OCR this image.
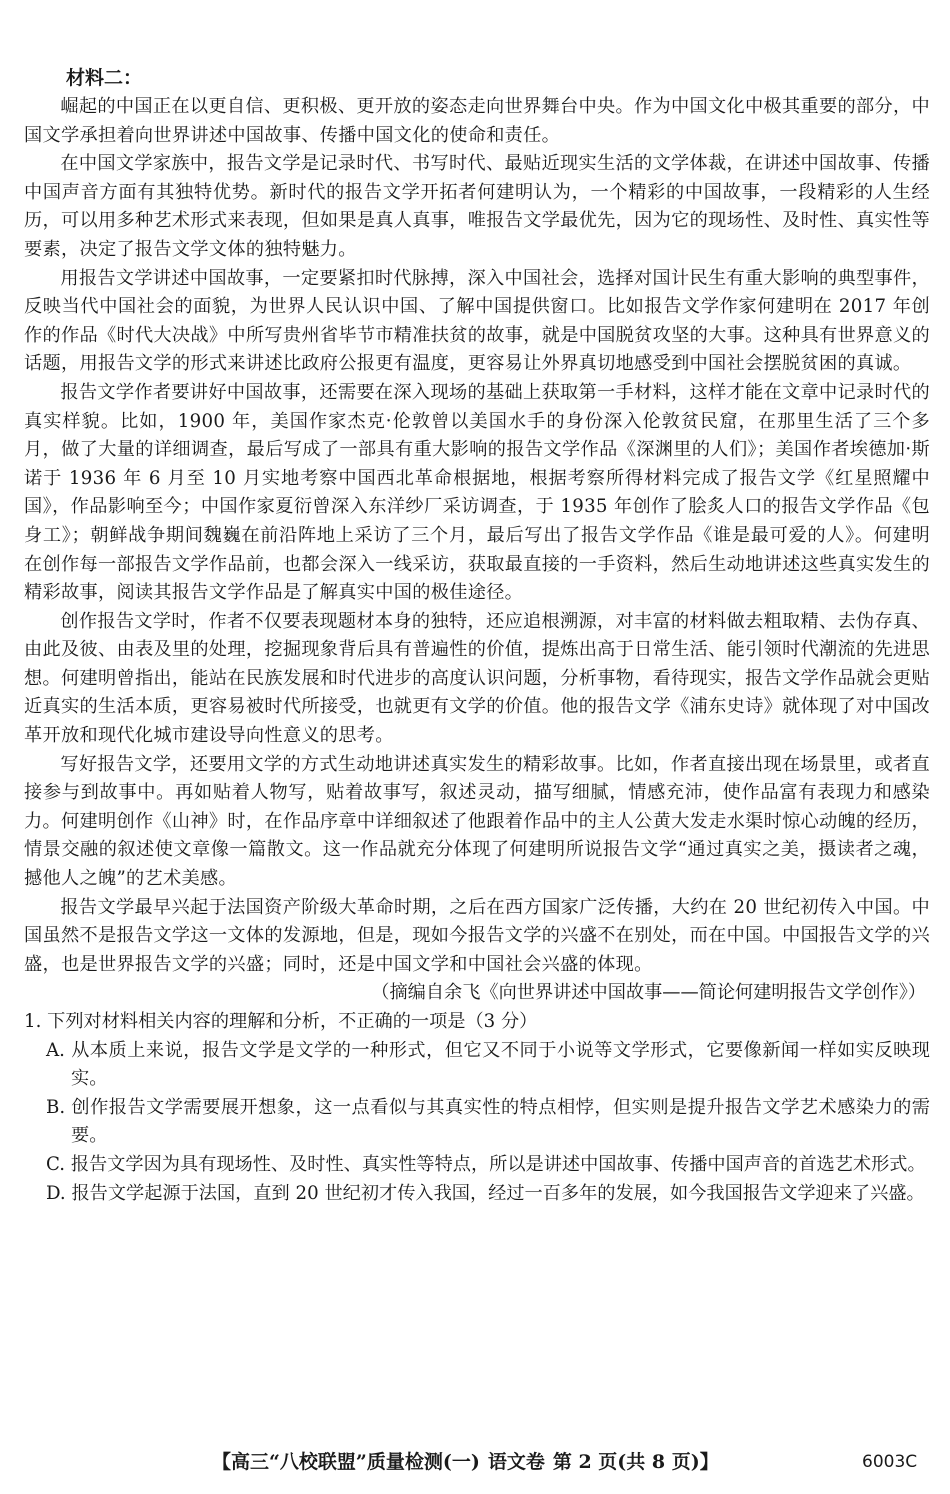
材料二：

崛起的中国正在以更自信、更积极、更开放的姿态走向世界舞台中央。作为中国文化中极其重要的部分，中国文学承担着向世界讲述中国故事、传播中国文化的使命和责任。

在中国文学家族中，报告文学是记录时代、书写时代、最贴近现实生活的文学体裁，在讲述中国故事、传播中国声音方面有其独特优势。新时代的报告文学开拓者何建明认为，一个精彩的中国故事，一段精彩的人生经历，可以用多种艺术形式来表现，但如果是真人真事，唯报告文学最优先，因为它的现场性、及时性、真实性等要素，决定了报告文学文体的独特魅力。

用报告文学讲述中国故事，一定要紧扣时代脉搏，深入中国社会，选择对国计民生有重大影响的典型事件，反映当代中国社会的面貌，为世界人民认识中国、了解中国提供窗口。比如报告文学作家何建明在 2017 年创作的作品《时代大决战》中所写贵州省毕节市精准扶贫的故事，就是中国脱贫攻坚的大事。这种具有世界意义的话题，用报告文学的形式来讲述比政府公报更有温度，更容易让外界真切地感受到中国社会摆脱贫困的真诚。

报告文学作者要讲好中国故事，还需要在深入现场的基础上获取第一手材料，这样才能在文章中记录时代的真实样貌。比如，1900 年，美国作家杰克·伦敦曾以美国水手的身份深入伦敦贫民窟，在那里生活了三个多月，做了大量的详细调查，最后写成了一部具有重大影响的报告文学作品《深渊里的人们》；美国作者埃德加·斯诺于 1936 年 6 月至 10 月实地考察中国西北革命根据地，根据考察所得材料完成了报告文学《红星照耀中国》，作品影响至今；中国作家夏衍曾深入东洋纱厂采访调查，于 1935 年创作了脍炙人口的报告文学作品《包身工》；朝鲜战争期间魏巍在前沿阵地上采访了三个月，最后写出了报告文学作品《谁是最可爱的人》。何建明在创作每一部报告文学作品前，也都会深入一线采访，获取最直接的一手资料，然后生动地讲述这些真实发生的精彩故事，阅读其报告文学作品是了解真实中国的极佳途径。

创作报告文学时，作者不仅要表现题材本身的独特，还应追根溯源，对丰富的材料做去粗取精、去伪存真、由此及彼、由表及里的处理，挖掘现象背后具有普遍性的价值，提炼出高于日常生活、能引领时代潮流的先进思想。何建明曾指出，能站在民族发展和时代进步的高度认识问题，分析事物，看待现实，报告文学作品就会更贴近真实的生活本质，更容易被时代所接受，也就更有文学的价值。他的报告文学《浦东史诗》就体现了对中国改革开放和现代化城市建设导向性意义的思考。

写好报告文学，还要用文学的方式生动地讲述真实发生的精彩故事。比如，作者直接出现在场景里，或者直接参与到故事中。再如贴着人物写，贴着故事写，叙述灵动，描写细腻，情感充沛，使作品富有表现力和感染力。何建明创作《山神》时，在作品序章中详细叙述了他跟着作品中的主人公黄大发走水渠时惊心动魄的经历，情景交融的叙述使文章像一篇散文。这一作品就充分体现了何建明所说报告文学“通过真实之美，摄读者之魂，撼他人之魄”的艺术美感。

报告文学最早兴起于法国资产阶级大革命时期，之后在西方国家广泛传播，大约在 20 世纪初传入中国。中国虽然不是报告文学这一文体的发源地，但是，现如今报告文学的兴盛不在别处，而在中国。中国报告文学的兴盛，也是世界报告文学的兴盛；同时，还是中国文学和中国社会兴盛的体现。

（摘编自余飞《向世界讲述中国故事——简论何建明报告文学创作》）

1. 下列对材料相关内容的理解和分析，不正确的一项是（3 分）

A. 从本质上来说，报告文学是文学的一种形式，但它又不同于小说等文学形式，它要像新闻一样如实反映现实。

B. 创作报告文学需要展开想象，这一点看似与其真实性的特点相悖，但实则是提升报告文学艺术感染力的需要。

C. 报告文学因为具有现场性、及时性、真实性等特点，所以是讲述中国故事、传播中国声音的首选艺术形式。

D. 报告文学起源于法国，直到 20 世纪初才传入我国，经过一百多年的发展，如今我国报告文学迎来了兴盛。

【高三“八校联盟”质量检测(一) 语文卷 第 2 页(共 8 页)】	6003C
